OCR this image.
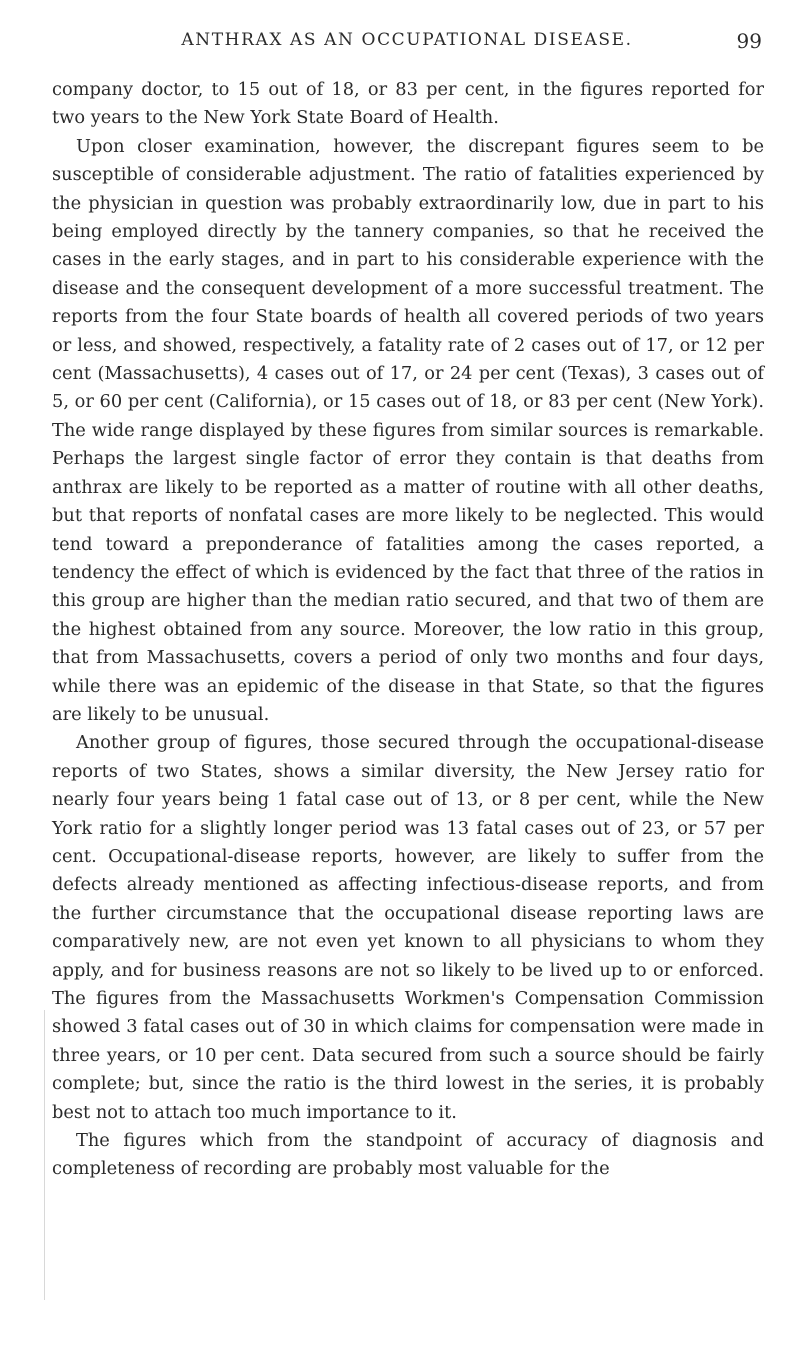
ANTHRAX AS AN OCCUPATIONAL DISEASE.	99

company doctor, to 15 out of 18, or 83 per cent, in the figures reported for two years to the New York State Board of Health.

Upon closer examination, however, the discrepant figures seem to be susceptible of considerable adjustment. The ratio of fatalities experienced by the physician in question was probably extraordinarily low, due in part to his being employed directly by the tannery companies, so that he received the cases in the early stages, and in part to his considerable experience with the disease and the consequent development of a more successful treatment. The reports from the four State boards of health all covered periods of two years or less, and showed, respectively, a fatality rate of 2 cases out of 17, or 12 per cent (Massachusetts), 4 cases out of 17, or 24 per cent (Texas), 3 cases out of 5, or 60 per cent (California), or 15 cases out of 18, or 83 per cent (New York). The wide range displayed by these figures from similar sources is remarkable. Perhaps the largest single factor of error they contain is that deaths from anthrax are likely to be reported as a matter of routine with all other deaths, but that reports of nonfatal cases are more likely to be neglected. This would tend toward a preponderance of fatalities among the cases reported, a tendency the effect of which is evidenced by the fact that three of the ratios in this group are higher than the median ratio secured, and that two of them are the highest obtained from any source. Moreover, the low ratio in this group, that from Massachusetts, covers a period of only two months and four days, while there was an epidemic of the disease in that State, so that the figures are likely to be unusual.

Another group of figures, those secured through the occupational-disease reports of two States, shows a similar diversity, the New Jersey ratio for nearly four years being 1 fatal case out of 13, or 8 per cent, while the New York ratio for a slightly longer period was 13 fatal cases out of 23, or 57 per cent. Occupational-disease reports, however, are likely to suffer from the defects already mentioned as affecting infectious-disease reports, and from the further circumstance that the occupational disease reporting laws are comparatively new, are not even yet known to all physicians to whom they apply, and for business reasons are not so likely to be lived up to or enforced. The figures from the Massachusetts Workmen's Compensation Commission showed 3 fatal cases out of 30 in which claims for compensation were made in three years, or 10 per cent. Data secured from such a source should be fairly complete; but, since the ratio is the third lowest in the series, it is probably best not to attach too much importance to it.

The figures which from the standpoint of accuracy of diagnosis and completeness of recording are probably most valuable for the
